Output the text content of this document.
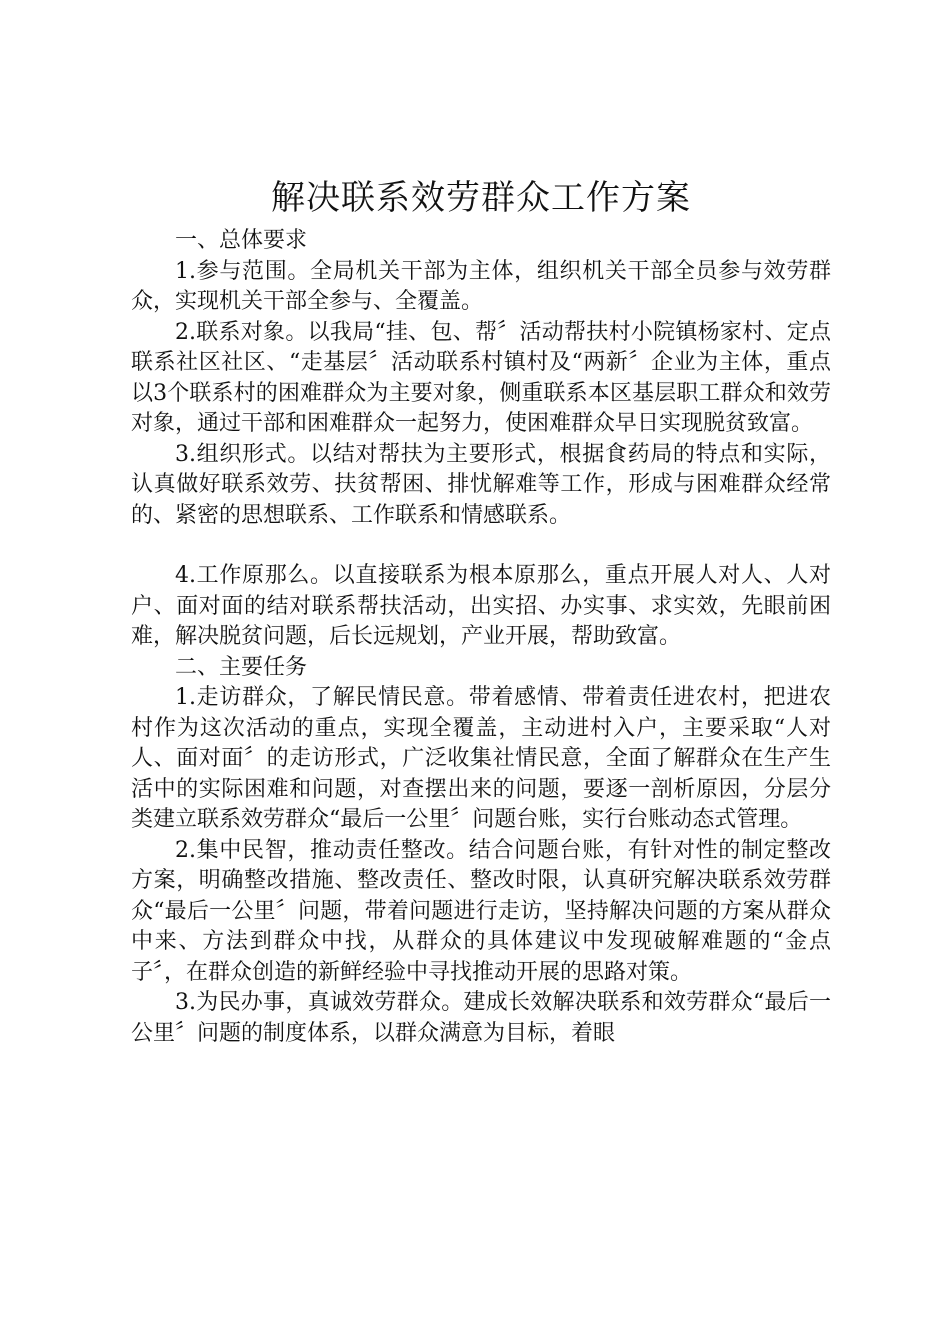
解决联系效劳群众工作方案

一、总体要求

1.参与范围。全局机关干部为主体，组织机关干部全员参与效劳群众，实现机关干部全参与、全覆盖。

2.联系对象。以我局“挂、包、帮〞活动帮扶村小院镇杨家村、定点联系社区社区、“走基层〞活动联系村镇村及“两新〞企业为主体，重点以3个联系村的困难群众为主要对象，侧重联系本区基层职工群众和效劳对象，通过干部和困难群众一起努力，使困难群众早日实现脱贫致富。

3.组织形式。以结对帮扶为主要形式，根据食药局的特点和实际，认真做好联系效劳、扶贫帮困、排忧解难等工作，形成与困难群众经常的、紧密的思想联系、工作联系和情感联系。

4.工作原那么。以直接联系为根本原那么，重点开展人对人、人对户、面对面的结对联系帮扶活动，出实招、办实事、求实效，先眼前困难，解决脱贫问题，后长远规划，产业开展，帮助致富。

二、主要任务

1.走访群众，了解民情民意。带着感情、带着责任进农村，把进农村作为这次活动的重点，实现全覆盖，主动进村入户，主要采取“人对人、面对面〞的走访形式，广泛收集社情民意，全面了解群众在生产生活中的实际困难和问题，对查摆出来的问题，要逐一剖析原因，分层分类建立联系效劳群众“最后一公里〞问题台账，实行台账动态式管理。

2.集中民智，推动责任整改。结合问题台账，有针对性的制定整改方案，明确整改措施、整改责任、整改时限，认真研究解决联系效劳群众“最后一公里〞问题，带着问题进行走访，坚持解决问题的方案从群众中来、方法到群众中找，从群众的具体建议中发现破解难题的“金点子〞，在群众创造的新鲜经验中寻找推动开展的思路对策。

3.为民办事，真诚效劳群众。建成长效解决联系和效劳群众“最后一公里〞问题的制度体系，以群众满意为目标，着眼
